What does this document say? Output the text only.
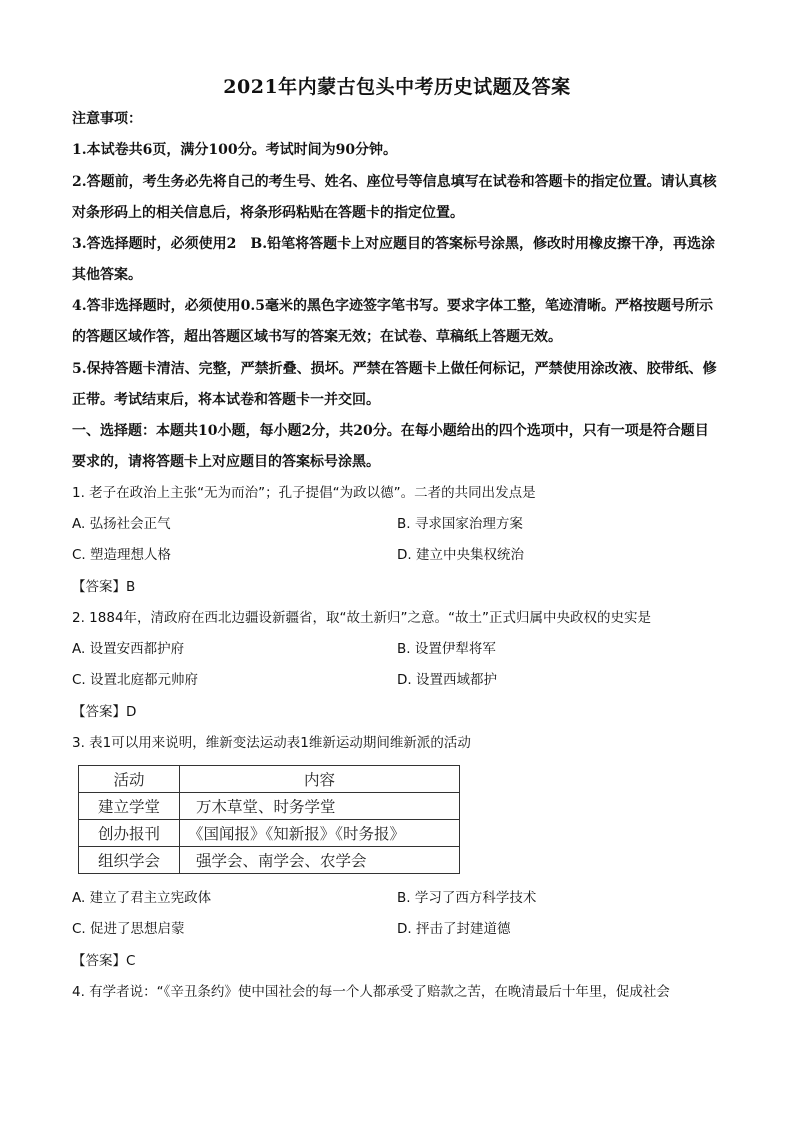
2021年内蒙古包头中考历史试题及答案
注意事项：
1.本试卷共6页，满分100分。考试时间为90分钟。
2.答题前，考生务必先将自己的考生号、姓名、座位号等信息填写在试卷和答题卡的指定位置。请认真核
对条形码上的相关信息后，将条形码粘贴在答题卡的指定位置。
3.答选择题时，必须使用2　B.铅笔将答题卡上对应题目的答案标号涂黑，修改时用橡皮擦干净，再选涂
其他答案。
4.答非选择题时，必须使用0.5毫米的黑色字迹签字笔书写。要求字体工整，笔迹清晰。严格按题号所示
的答题区域作答，超出答题区域书写的答案无效；在试卷、草稿纸上答题无效。
5.保持答题卡清洁、完整，严禁折叠、损坏。严禁在答题卡上做任何标记，严禁使用涂改液、胶带纸、修
正带。考试结束后，将本试卷和答题卡一并交回。
一、选择题：本题共10小题，每小题2分，共20分。在每小题给出的四个选项中，只有一项是符合题目
要求的，请将答题卡上对应题目的答案标号涂黑。
1. 老子在政治上主张“无为而治”；孔子提倡“为政以德”。二者的共同出发点是
A. 弘扬社会正气	B. 寻求国家治理方案
C. 塑造理想人格	D. 建立中央集权统治
【答案】B
2. 1884年，清政府在西北边疆设新疆省，取“故土新归”之意。“故土”正式归属中央政权的史实是
A. 设置安西都护府	B. 设置伊犁将军
C. 设置北庭都元帅府	D. 设置西域都护
【答案】D
3. 表1可以用来说明，维新变法运动表1维新运动期间维新派的活动
活动	内容
建立学堂	万木草堂、时务学堂
创办报刊	《国闻报》《知新报》《时务报》
组织学会	强学会、南学会、农学会
A. 建立了君主立宪政体	B. 学习了西方科学技术
C. 促进了思想启蒙	D. 抨击了封建道德
【答案】C
4. 有学者说：“《辛丑条约》使中国社会的每一个人都承受了赔款之苦，在晚清最后十年里，促成社会
